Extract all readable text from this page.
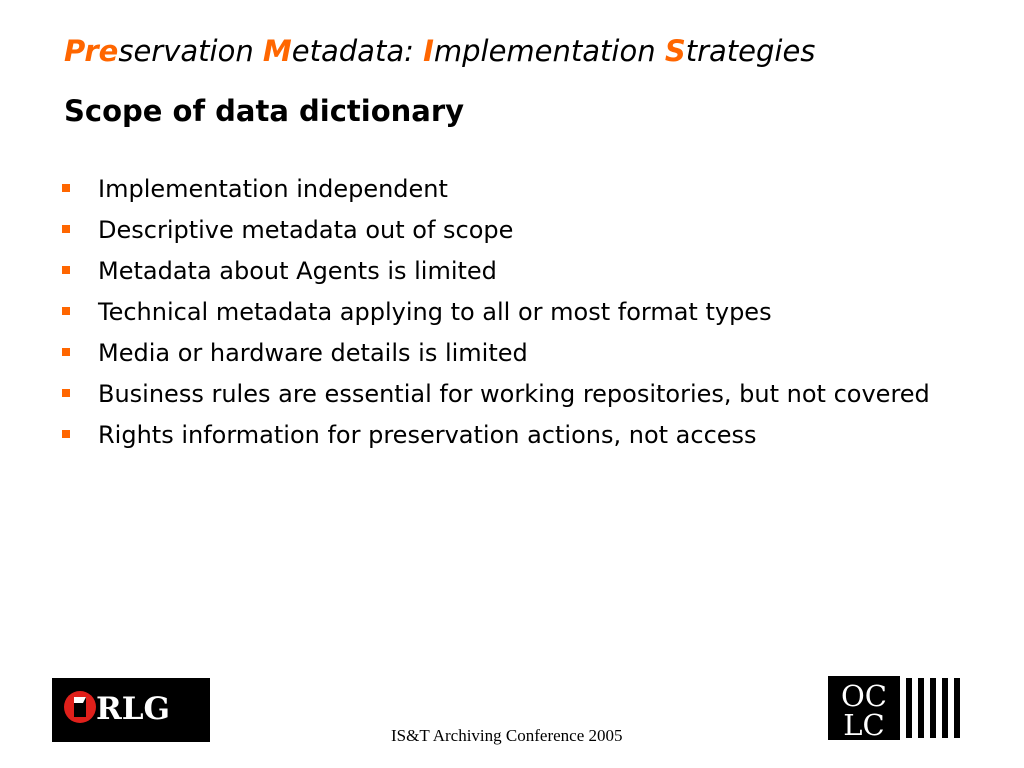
Preservation Metadata: Implementation Strategies
Scope of data dictionary
Implementation independent
Descriptive metadata out of scope
Metadata about Agents is limited
Technical metadata applying to all or most format types
Media or hardware details is limited
Business rules are essential for working repositories, but not covered
Rights information for preservation actions, not access
RLG
IS&T Archiving Conference 2005
OC
LC
